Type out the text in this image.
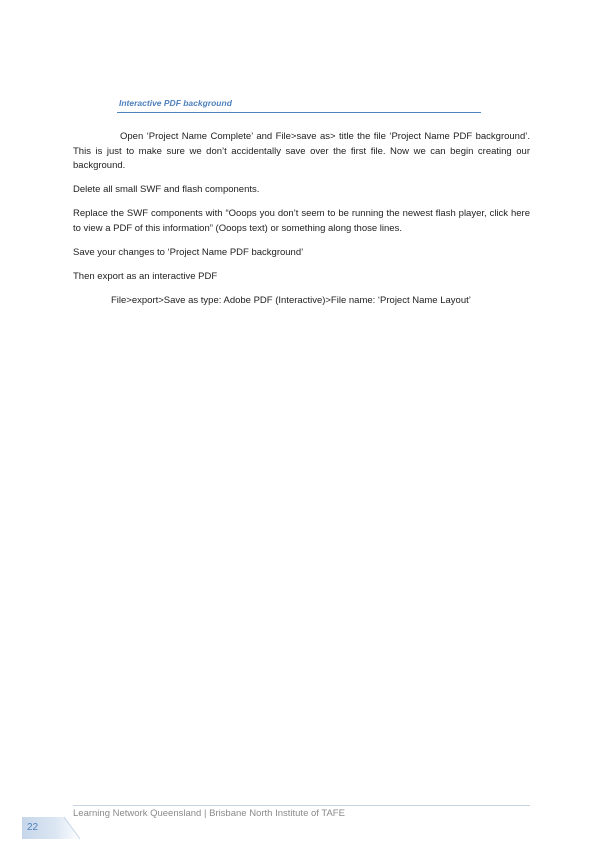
Interactive PDF background

Open ‘Project Name Complete’ and File>save as> title the file ‘Project Name PDF background’. This is just to make sure we don’t accidentally save over the first file. Now we can begin creating our background.

Delete all small SWF and flash components.

Replace the SWF components with “Ooops you don’t seem to be running the newest flash player, click here to view a PDF of this information” (Ooops text) or something along those lines.

Save your changes to ‘Project Name PDF background’

Then export as an interactive PDF

File>export>Save as type: Adobe PDF (Interactive)>File name: ‘Project Name Layout’

Learning Network Queensland | Brisbane North Institute of TAFE

22
